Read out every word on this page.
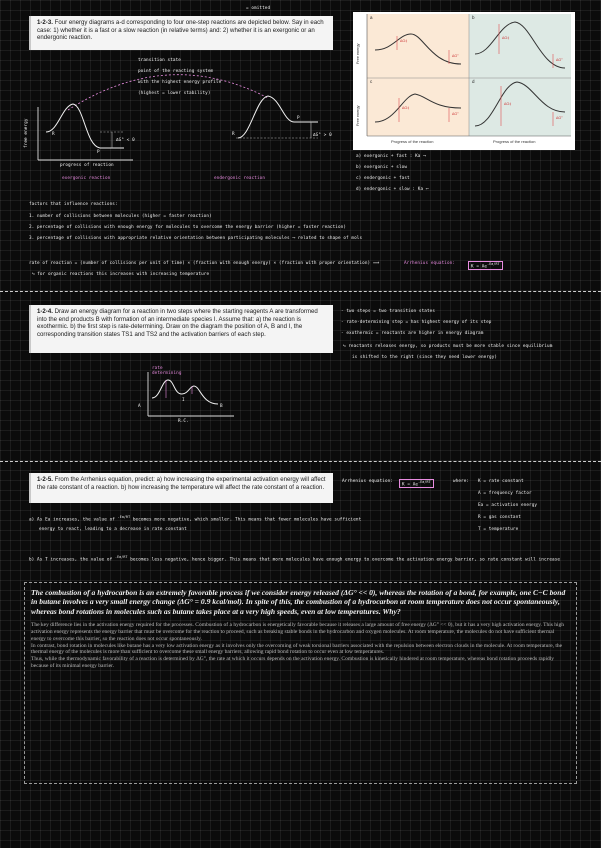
= omitted
1-2-3. Four energy diagrams a-d corresponding to four one-step reactions are depicted below. Say in each case: 1) whether it is a fast or a slow reaction (in relative terms) and: 2) whether it is an exergonic or an endergonic reaction.
transition state
point of the reacting system
with the highest energy profile
(highest = lower stability)
free energy	R
P
ΔG° < 0
R
P
ΔG° > 0
progress of reaction
exergonic reaction	endergonic reaction
a	b
c	d
ΔG‡
ΔG‡
ΔG‡
ΔG‡
ΔG°
ΔG°
ΔG°
ΔG°
Free energy
Free energy
Progress of the reaction	Progress of the reaction
a) exergonic + fast : Ka ⟶
b) exergonic + slow
c) endergonic + fast
d) endergonic + slow : Ka ⟵
factors that influence reactions:
1. number of collisions between molecules (higher = faster reaction)
2. percentage of collisions with enough energy for molecules to overcome the energy barrier (higher = faster reaction)
3. percentage of collisions with appropriate relative orientation between participating molecules ⟶ related to shape of mols
rate of reaction = (number of collisions per unit of time) × (fraction with enough energy) × (fraction with proper orientation) ⟹	Arrhenius equation:
$K = Ae^{-Ea/RT}$
⤷ for organic reactions this increases with increasing temperature
1-2-4. Draw an energy diagram for a reaction in two steps where the starting reagents A are transformed into the end products B with formation of an intermediate species I. Assume that: a) the reaction is exothermic. b) the first step is rate-determining. Draw on the diagram the position of A, B and I, the corresponding transition states TS1 and TS2 and the activation barriers of each step.
- two steps = two transition states
- rate-determining step = has highest energy of its step
- exothermic = reactants are higher in energy diagram
⤷ reactants releases energy, so products must be more stable since equilibrium
is shifted to the right (since they need lower energy)
rate determining
A
I
B
R.C.
1-2-5. From the Arrhenius equation, predict: a) how increasing the experimental activation energy will affect the rate constant of a reaction. b) how increasing the temperature will affect the rate constant of a reaction.
Arrhenius equation:
$K = Ae^{-Ea/RT}$	where: K = rate constant
A = frequency factor
Ea = activation energy
R = gas constant
T = temperature
a) As Ea increases, the value of $^{-Ea/RT}$ becomes more negative, which smaller. This means that fewer molecules have sufficient
energy to react, leading to a decrease in rate constant
b) As T increases, the value of $^{-Ea/RT}$ becomes less negative, hence bigger. This means that more molecules have enough energy to overcome the activation energy barrier, so rate constant will increase
The combustion of a hydrocarbon is an extremely favorable process if we consider energy released (ΔG° << 0), whereas the rotation of a bond, for example, one C−C bond in butane involves a very small energy change (ΔG° = 0.9 kcal/mol). In spite of this, the combustion of a hydrocarbon at room temperature does not occur spontaneously, whereas bond rotations in molecules such as butane takes place at a very high speeds, even at low temperatures. Why?

The key difference lies in the activation energy required for the processes. Combustion of a hydrocarbon is energetically favorable because it releases a large amount of free energy (ΔG° << 0), but it has a very high activation energy. This high activation energy represents the energy barrier that must be overcome for the reaction to proceed, such as breaking stable bonds in the hydrocarbon and oxygen molecules. At room temperature, the molecules do not have sufficient thermal energy to overcome this barrier, so the reaction does not occur spontaneously.

In contrast, bond rotation in molecules like butane has a very low activation energy as it involves only the overcoming of weak torsional barriers associated with the repulsion between electron clouds in the molecule. At room temperature, the thermal energy of the molecules is more than sufficient to overcome these small energy barriers, allowing rapid bond rotation to occur even at low temperatures.

Thus, while the thermodynamic favorability of a reaction is determined by ΔG°, the rate at which it occurs depends on the activation energy. Combustion is kinetically hindered at room temperature, whereas bond rotation proceeds rapidly because of its minimal energy barrier.
